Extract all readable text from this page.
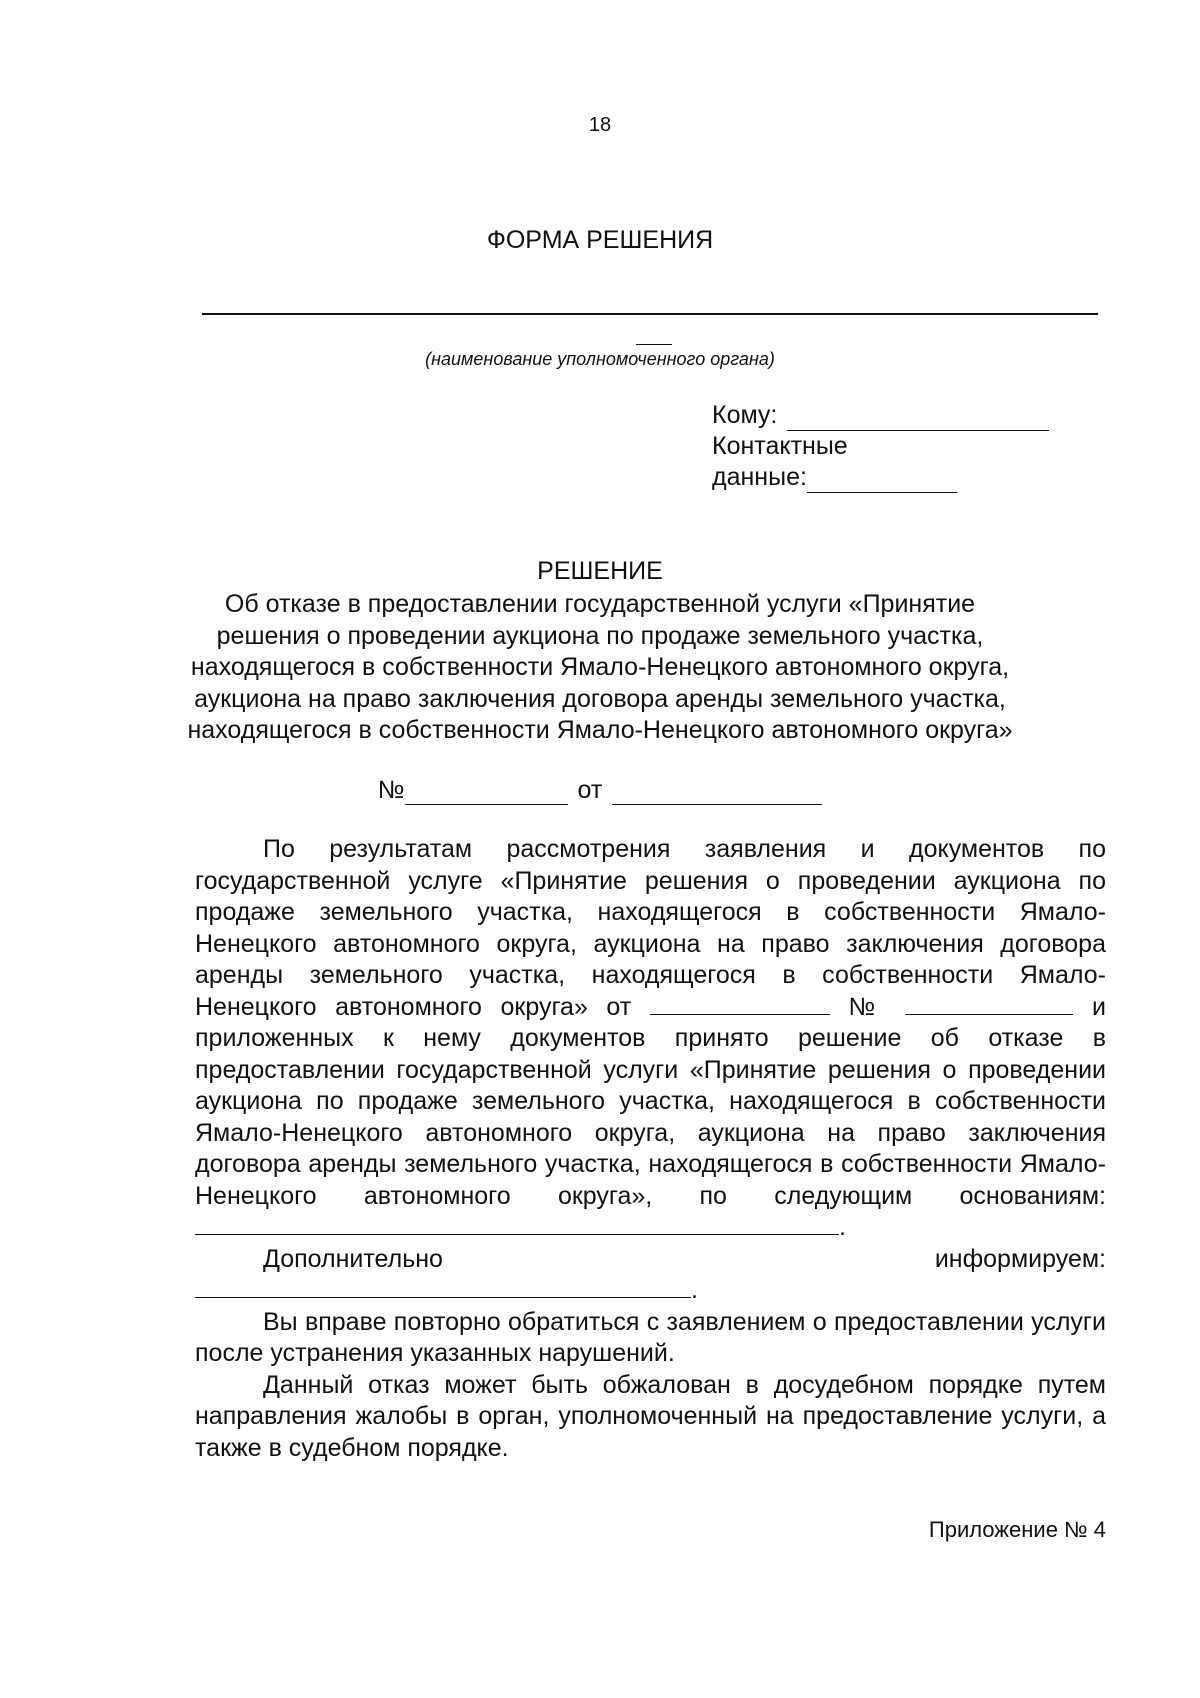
18
ФОРМА РЕШЕНИЯ
(наименование уполномоченного органа)
Кому:
Контактные
данные:
РЕШЕНИЕ
Об отказе в предоставлении государственной услуги «Принятие решения о проведении аукциона по продаже земельного участка, находящегося в собственности Ямало-Ненецкого автономного округа, аукциона на право заключения договора аренды земельного участка, находящегося в собственности Ямало-Ненецкого автономного округа»
№	от

По результатам рассмотрения заявления и документов по государственной услуге «Принятие решения о проведении аукциона по продаже земельного участка, находящегося в собственности Ямало-Ненецкого автономного округа, аукциона на право заключения договора аренды земельного участка, находящегося в собственности Ямало-Ненецкого автономного округа» от	№	и приложенных к нему документов принято решение об отказе в предоставлении государственной услуги «Принятие решения о проведении аукциона по продаже земельного участка, находящегося в собственности Ямало-Ненецкого автономного округа, аукциона на право заключения договора аренды земельного участка, находящегося в собственности Ямало-Ненецкого автономного округа», по следующим основаниям:.

Дополнительно	информируем:

.

Вы вправе повторно обратиться с заявлением о предоставлении услуги после устранения указанных нарушений.

Данный отказ может быть обжалован в досудебном порядке путем направления жалобы в орган, уполномоченный на предоставление услуги, а также в судебном порядке.

Приложение № 4
